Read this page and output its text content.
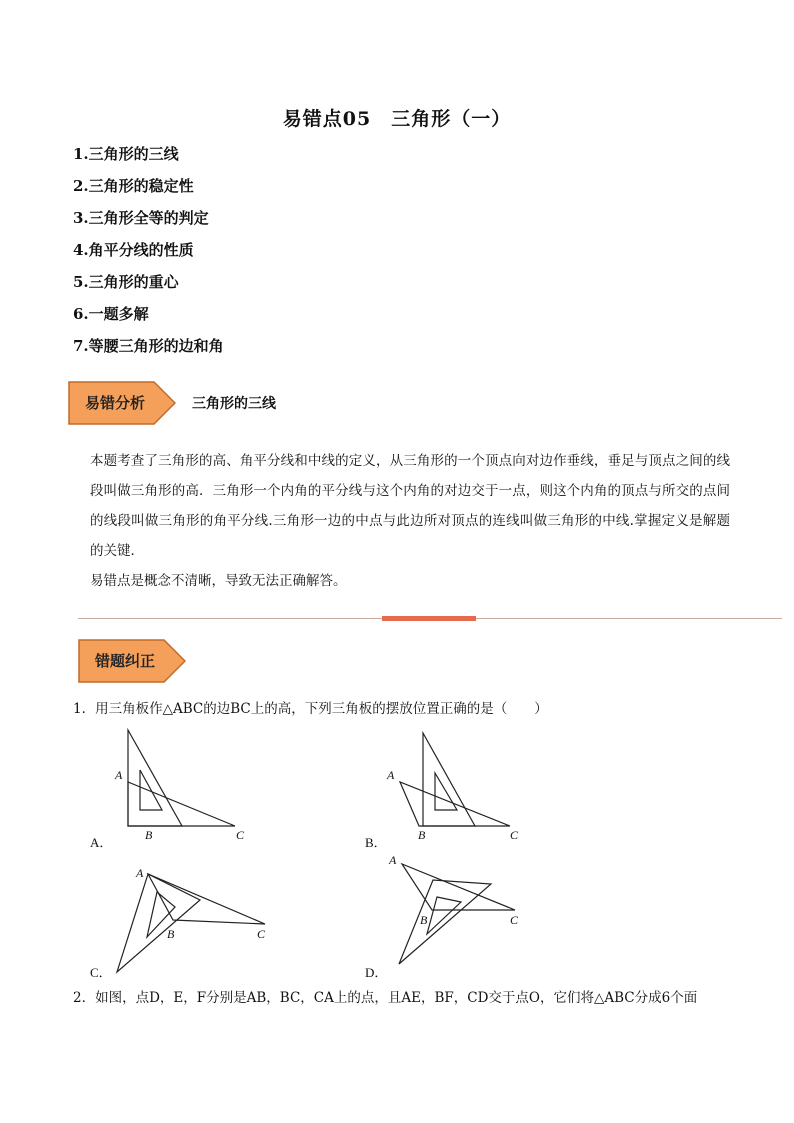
易错点05　三角形（一）
1.三角形的三线
2.三角形的稳定性
3.三角形全等的判定
4.角平分线的性质
5.三角形的重心
6.一题多解
7.等腰三角形的边和角
易错分析	三角形的三线

本题考查了三角形的高、角平分线和中线的定义，从三角形的一个顶点向对边作垂线，垂足与顶点之间的线段叫做三角形的高．三角形一个内角的平分线与这个内角的对边交于一点，则这个内角的顶点与所交的点间的线段叫做三角形的角平分线.三角形一边的中点与此边所对顶点的连线叫做三角形的中线.掌握定义是解题的关键．

易错点是概念不清晰，导致无法正确解答。

错题纠正
1．用三角板作△ABC的边BC上的高，下列三角板的摆放位置正确的是（　　）
A
B	C
A．
A
B	C
B．
A
B	C
C．
A
B	C
D．
2．如图，点D，E，F分别是AB，BC，CA上的点，且AE，BF，CD交于点O，它们将△ABC分成6个面
